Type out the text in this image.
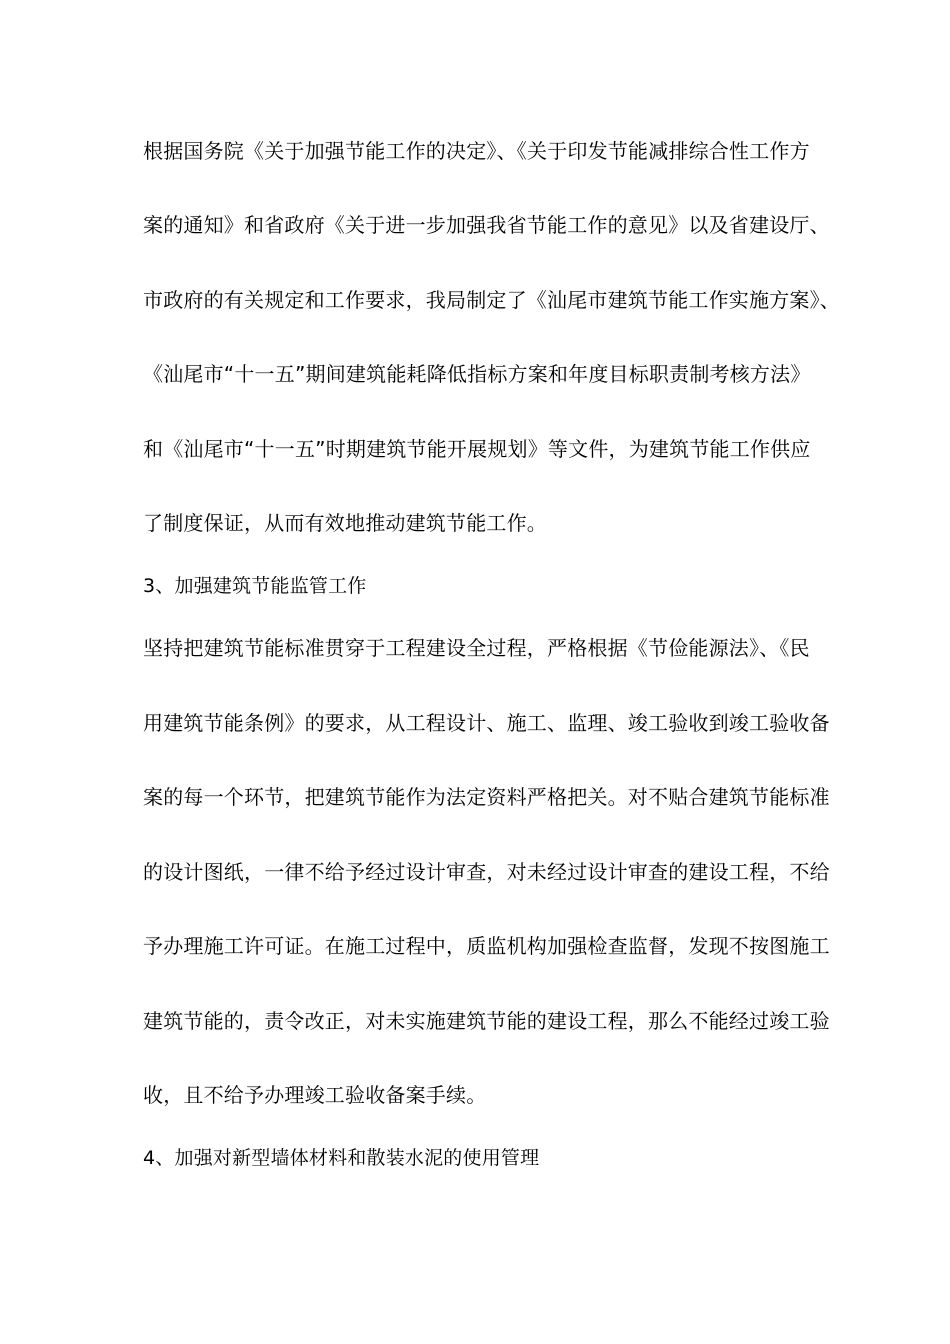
根据国务院《关于加强节能工作的决定》、《关于印发节能减排综合性工作方
案的通知》和省政府《关于进一步加强我省节能工作的意见》以及省建设厅、
市政府的有关规定和工作要求，我局制定了《汕尾市建筑节能工作实施方案》、
《汕尾市“十一五”期间建筑能耗降低指标方案和年度目标职责制考核方法》
和《汕尾市“十一五”时期建筑节能开展规划》等文件，为建筑节能工作供应
了制度保证，从而有效地推动建筑节能工作。
3、加强建筑节能监管工作
坚持把建筑节能标准贯穿于工程建设全过程，严格根据《节俭能源法》、《民
用建筑节能条例》的要求，从工程设计、施工、监理、竣工验收到竣工验收备
案的每一个环节，把建筑节能作为法定资料严格把关。对不贴合建筑节能标准
的设计图纸，一律不给予经过设计审查，对未经过设计审查的建设工程，不给
予办理施工许可证。在施工过程中，质监机构加强检查监督，发现不按图施工
建筑节能的，责令改正，对未实施建筑节能的建设工程，那么不能经过竣工验
收，且不给予办理竣工验收备案手续。
4、加强对新型墙体材料和散装水泥的使用管理
